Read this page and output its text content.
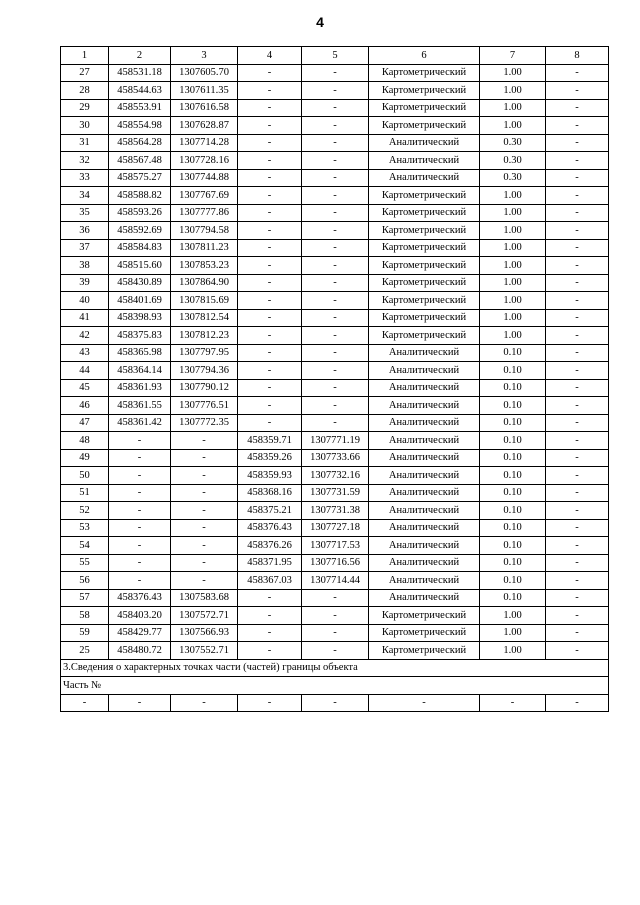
4
1	2	3	4	5	6	7	8
27	458531.18	1307605.70	-	-	Картометрический	1.00	-
28	458544.63	1307611.35	-	-	Картометрический	1.00	-
29	458553.91	1307616.58	-	-	Картометрический	1.00	-
30	458554.98	1307628.87	-	-	Картометрический	1.00	-
31	458564.28	1307714.28	-	-	Аналитический	0.30	-
32	458567.48	1307728.16	-	-	Аналитический	0.30	-
33	458575.27	1307744.88	-	-	Аналитический	0.30	-
34	458588.82	1307767.69	-	-	Картометрический	1.00	-
35	458593.26	1307777.86	-	-	Картометрический	1.00	-
36	458592.69	1307794.58	-	-	Картометрический	1.00	-
37	458584.83	1307811.23	-	-	Картометрический	1.00	-
38	458515.60	1307853.23	-	-	Картометрический	1.00	-
39	458430.89	1307864.90	-	-	Картометрический	1.00	-
40	458401.69	1307815.69	-	-	Картометрический	1.00	-
41	458398.93	1307812.54	-	-	Картометрический	1.00	-
42	458375.83	1307812.23	-	-	Картометрический	1.00	-
43	458365.98	1307797.95	-	-	Аналитический	0.10	-
44	458364.14	1307794.36	-	-	Аналитический	0.10	-
45	458361.93	1307790.12	-	-	Аналитический	0.10	-
46	458361.55	1307776.51	-	-	Аналитический	0.10	-
47	458361.42	1307772.35	-	-	Аналитический	0.10	-
48	-	-	458359.71	1307771.19	Аналитический	0.10	-
49	-	-	458359.26	1307733.66	Аналитический	0.10	-
50	-	-	458359.93	1307732.16	Аналитический	0.10	-
51	-	-	458368.16	1307731.59	Аналитический	0.10	-
52	-	-	458375.21	1307731.38	Аналитический	0.10	-
53	-	-	458376.43	1307727.18	Аналитический	0.10	-
54	-	-	458376.26	1307717.53	Аналитический	0.10	-
55	-	-	458371.95	1307716.56	Аналитический	0.10	-
56	-	-	458367.03	1307714.44	Аналитический	0.10	-
57	458376.43	1307583.68	-	-	Аналитический	0.10	-
58	458403.20	1307572.71	-	-	Картометрический	1.00	-
59	458429.77	1307566.93	-	-	Картометрический	1.00	-
25	458480.72	1307552.71	-	-	Картометрический	1.00	-
3.Сведения о характерных точках части (частей) границы объекта							
Часть №							
-	-	-	-	-	-	-	-
